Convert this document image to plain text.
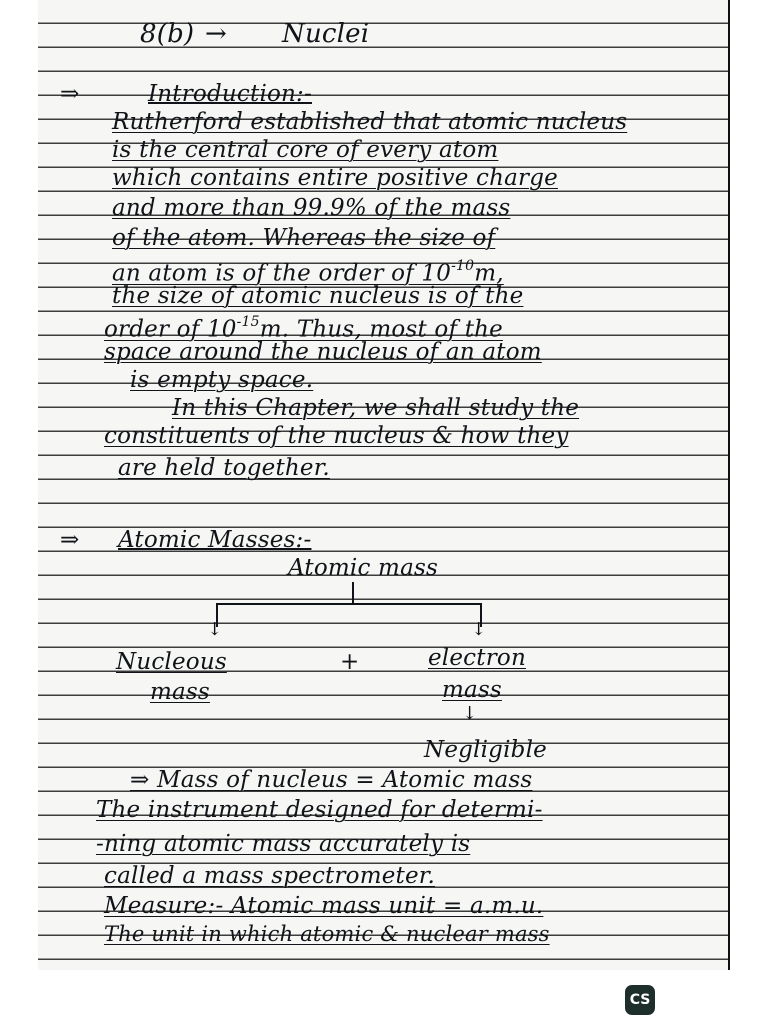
8(b) → Nuclei
⇒	Introduction:-
Rutherford established that atomic nucleus
is the central core of every atom
which contains entire positive charge
and more than 99.9% of the mass
of the atom. Whereas the size of
an atom is of the order of $10^{-10}m$,
the size of atomic nucleus is of the
order of $10^{-15}m$. Thus, most of the
space around the nucleus of an atom
is empty space.
In this Chapter, we shall study the
constituents of the nucleus & how they
are held together.
⇒ Atomic Masses:-
Atomic mass
↓	↓
Nucleous
mass
+	electron
mass
↓
Negligible
⇒ Mass of nucleus = Atomic mass
The instrument designed for determi-
-ning atomic mass accurately is
called a mass spectrometer.
Measure:- Atomic mass unit = a.m.u.
The unit in which atomic & nuclear mass
CS
